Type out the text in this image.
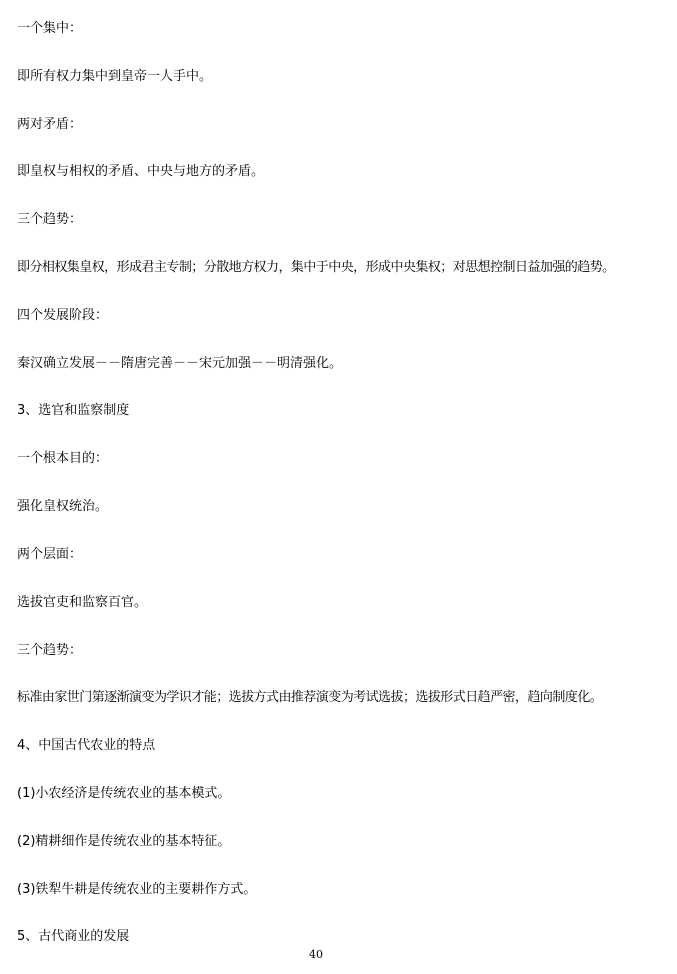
一个集中：
即所有权力集中到皇帝一人手中。
两对矛盾：
即皇权与相权的矛盾、中央与地方的矛盾。
三个趋势：
即分相权集皇权，形成君主专制；分散地方权力，集中于中央，形成中央集权；对思想控制日益加强的趋势。
四个发展阶段：
秦汉确立发展－－隋唐完善－－宋元加强－－明清强化。
3、选官和监察制度
一个根本目的：
强化皇权统治。
两个层面：
选拔官吏和监察百官。
三个趋势：
标准由家世门第逐渐演变为学识才能；选拔方式由推荐演变为考试选拔；选拔形式日趋严密，趋向制度化。
4、中国古代农业的特点
(1)小农经济是传统农业的基本模式。
(2)精耕细作是传统农业的基本特征。
(3)铁犁牛耕是传统农业的主要耕作方式。
5、古代商业的发展
40
